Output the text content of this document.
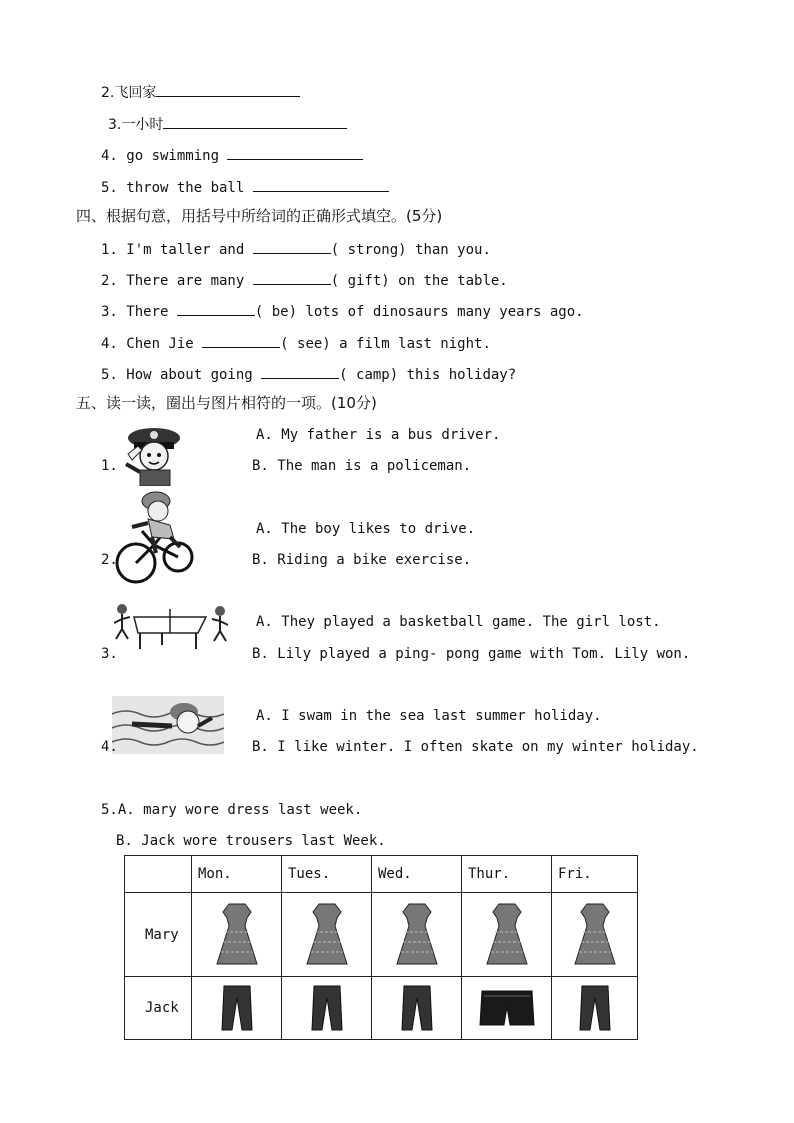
2.飞回家
3.一小时
4. go swimming
5. throw the ball
四、根据句意，用括号中所给词的正确形式填空。(5分)
1. I'm taller and	( strong) than you.
2. There are many	( gift) on the table.
3. There	( be) lots of dinosaurs many years ago.
4. Chen Jie	( see) a film last night.
5. How about going	( camp) this holiday?
五、读一读，圈出与图片相符的一项。(10分)
1.
A. My father is a bus driver.
B. The man is a policeman.
2.
A. The boy likes to drive.
B. Riding a bike exercise.
3.
A. They played a basketball game. The girl lost.
B. Lily played a ping- pong game with Tom. Lily won.
4.
A. I swam in the sea last summer holiday.
B. I like winter. I often skate on my winter holiday.
5.A. mary wore dress last week.
B. Jack wore trousers last Week.
	Mon.	Tues.	Wed.	Thur.	Fri.
Mary	

Jack	
